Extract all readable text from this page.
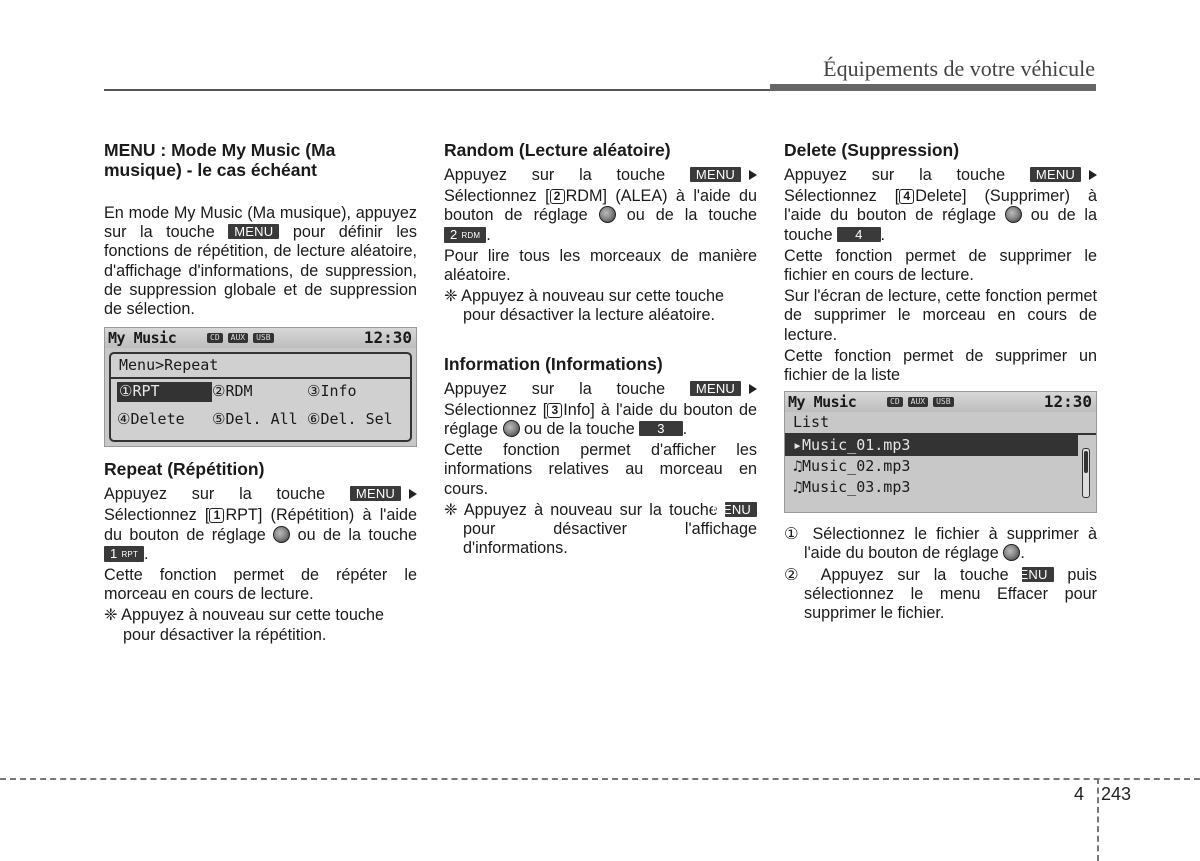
Équipements de votre véhicule
MENU : Mode My Music (Ma musique) - le cas échéant

En mode My Music (Ma musique), appuyez sur la touche MENU pour définir les fonctions de répétition, de lecture aléatoire, d'affichage d'informations, de suppression, de suppression globale et de suppression de sélection.

My Music	CD	AUX	USB	12:30
Menu>Repeat
①RPT	②RDM	③Info
④Delete	⑤Del. All ⑥Del. Sel
Repeat (Répétition)

Appuyez sur la touche MENU

Sélectionnez [ 1 RPT] (Répétition) à l'aide du bouton de réglage ou de la touche 1 RPT .

Cette fonction permet de répéter le morceau en cours de lecture.

❈ Appuyez à nouveau sur cette touche pour désactiver la répétition.

Random (Lecture aléatoire)

Appuyez sur la touche MENU

Sélectionnez [ 2 RDM] (ALEA) à l'aide du bouton de réglage ou de la touche 2 RDM .

Pour lire tous les morceaux de manière aléatoire.

❈ Appuyez à nouveau sur cette touche pour désactiver la lecture aléatoire.

Information (Informations)

Appuyez sur la touche MENU

Sélectionnez [ 3 Info] à l'aide du bouton de réglage ou de la touche 3 .

Cette fonction permet d'afficher les informations relatives au morceau en cours.

❈ Appuyez à nouveau sur la touche MENU pour désactiver l'affichage d'informations.

Delete (Suppression)

Appuyez sur la touche MENU

Sélectionnez [ 4 Delete] (Supprimer) à l'aide du bouton de réglage ou de la touche 4 .

Cette fonction permet de supprimer le fichier en cours de lecture.

Sur l'écran de lecture, cette fonction permet de supprimer le morceau en cours de lecture.

Cette fonction permet de supprimer un fichier de la liste

My Music	CD	AUX	USB	12:30
List
▸Music_01.mp3
♫Music_02.mp3
♫Music_03.mp3

① Sélectionnez le fichier à supprimer à l'aide du bouton de réglage .

② Appuyez sur la touche MENU puis sélectionnez le menu Effacer pour supprimer le fichier.

4 243
